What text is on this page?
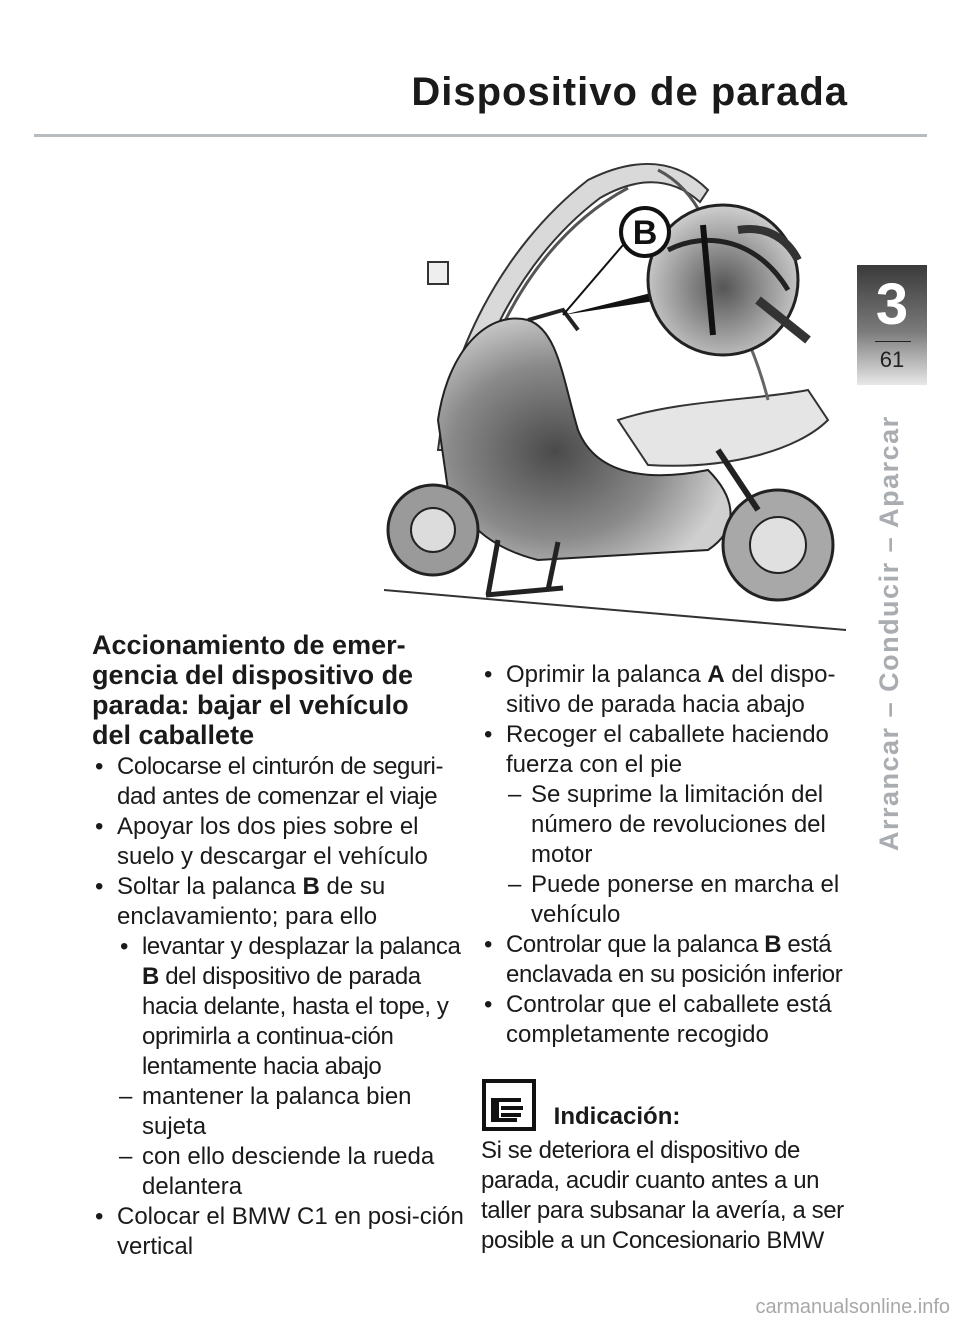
Dispositivo de parada
3
61
Arrancar – Conducir – Aparcar
B
Accionamiento de emer-
gencia del dispositivo de
parada: bajar el vehículo
del caballete
• Colocarse el cinturón de seguri-dad antes de comenzar el viaje
• Apoyar los dos pies sobre el suelo y descargar el vehículo
• Soltar la palanca B de su enclavamiento; para ello
• levantar y desplazar la palanca B del dispositivo de parada hacia delante, hasta el tope, y oprimirla a continua-ción lentamente hacia abajo
– mantener la palanca bien sujeta
– con ello desciende la rueda delantera
• Colocar el BMW C1 en posi-ción vertical
• Oprimir la palanca A del dispo-sitivo de parada hacia abajo
• Recoger el caballete haciendo fuerza con el pie
– Se suprime la limitación del número de revoluciones del motor
– Puede ponerse en marcha el vehículo
• Controlar que la palanca B está enclavada en su posición inferior
• Controlar que el caballete está completamente recogido
Indicación:
Si se deteriora el dispositivo de parada, acudir cuanto antes a un taller para subsanar la avería, a ser posible a un Concesionario BMW
carmanualsonline.info
